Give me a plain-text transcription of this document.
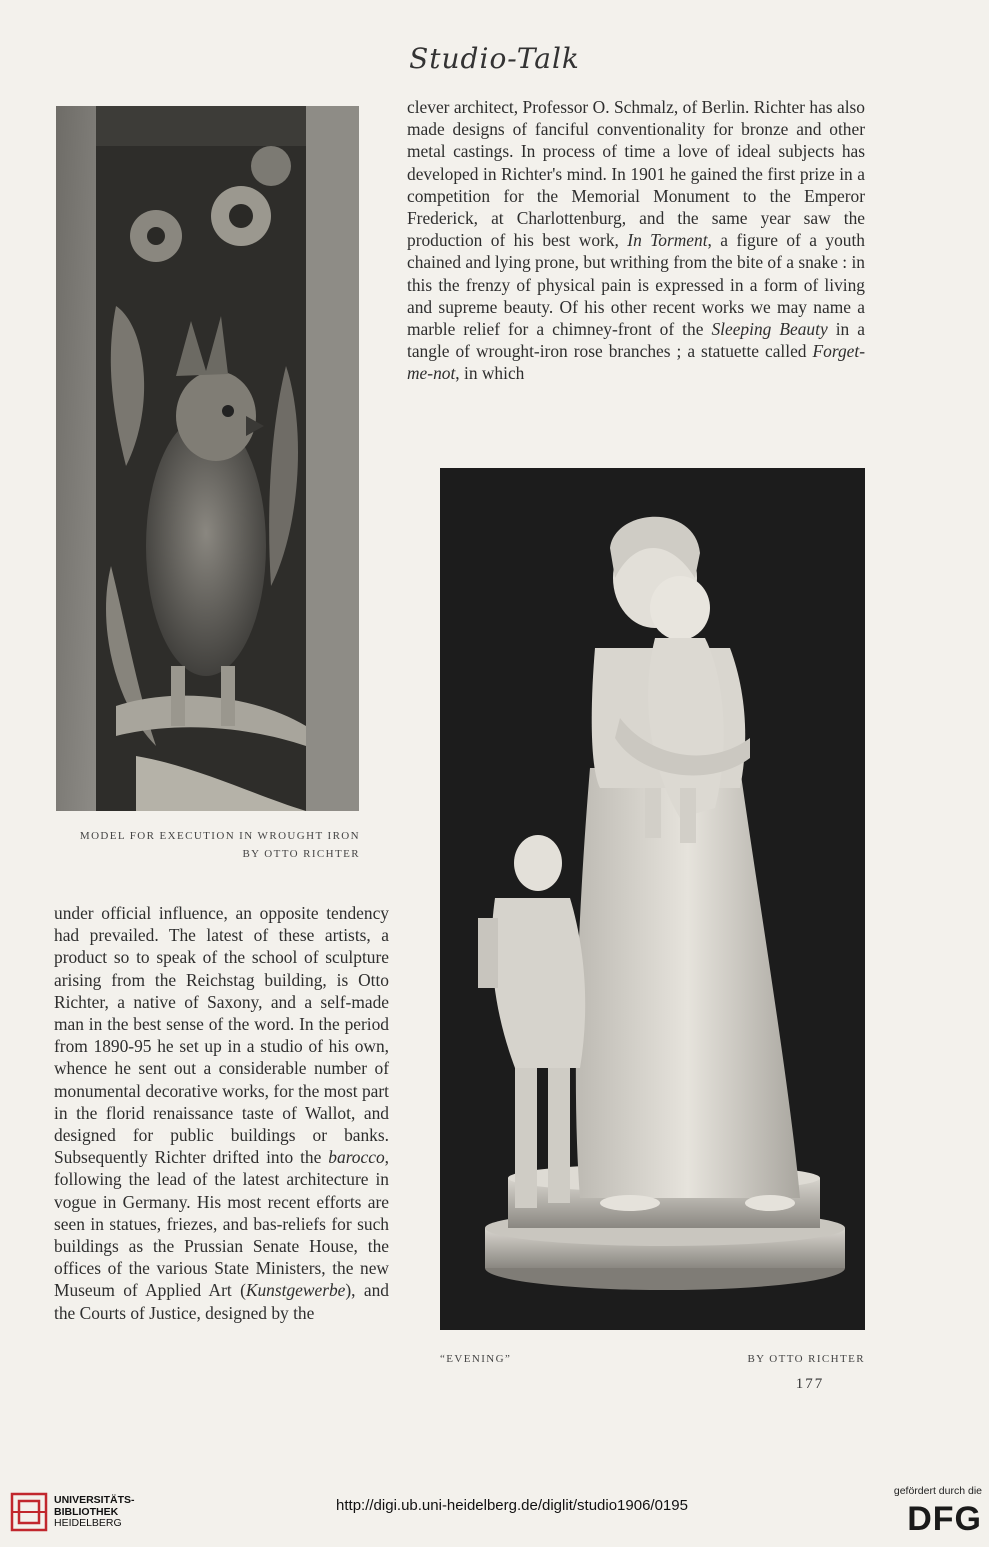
Studio-Talk
MODEL FOR EXECUTION IN WROUGHT IRON
BY OTTO RICHTER

clever architect, Professor O. Schmalz, of Berlin. Richter has also made designs of fanciful conventionality for bronze and other metal castings. In process of time a love of ideal subjects has developed in Richter's mind. In 1901 he gained the first prize in a competition for the Memorial Monument to the Emperor Frederick, at Charlottenburg, and the same year saw the production of his best work, In Torment, a figure of a youth chained and lying prone, but writhing from the bite of a snake : in this the frenzy of physical pain is expressed in a form of living and supreme beauty. Of his other recent works we may name a marble relief for a chimney-front of the Sleeping Beauty in a tangle of wrought-iron rose branches ; a statuette called Forget-me-not, in which

“EVENING”	BY OTTO RICHTER

under official influence, an opposite tendency had prevailed. The latest of these artists, a product so to speak of the school of sculpture arising from the Reichstag building, is Otto Richter, a native of Saxony, and a self-made man in the best sense of the word. In the period from 1890-95 he set up in a studio of his own, whence he sent out a considerable number of monumental decorative works, for the most part in the florid renaissance taste of Wallot, and designed for public buildings or banks. Subsequently Richter drifted into the barocco, following the lead of the latest architecture in vogue in Germany. His most recent efforts are seen in statues, friezes, and bas-reliefs for such buildings as the Prussian Senate House, the offices of the various State Ministers, the new Museum of Applied Art (Kunstgewerbe), and the Courts of Justice, designed by the

177
UNIVERSITÄTS-
BIBLIOTHEK
HEIDELBERG
http://digi.ub.uni-heidelberg.de/diglit/studio1906/0195
gefördert durch die
DFG
